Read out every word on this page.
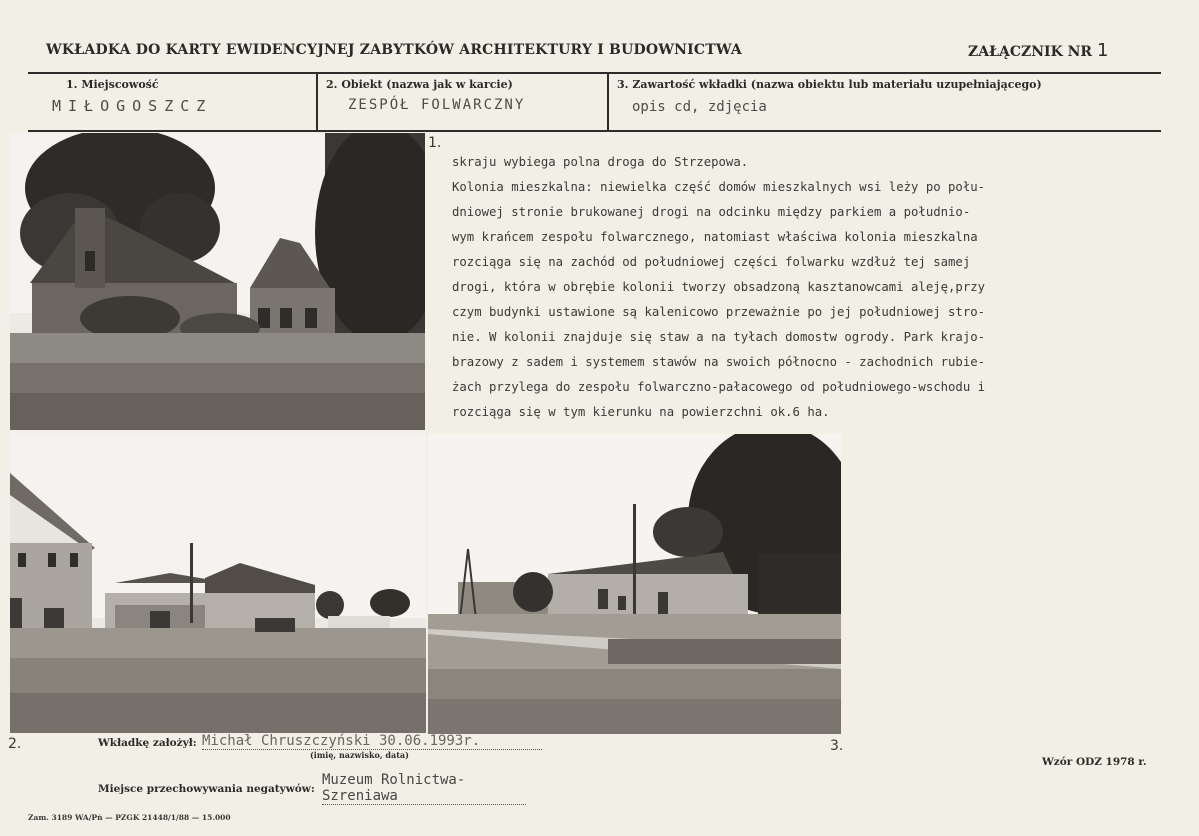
WKŁADKA DO KARTY EWIDENCYJNEJ ZABYTKÓW ARCHITEKTURY I BUDOWNICTWA	ZAŁĄCZNIK NR 1
1. Miejscowość	2. Obiekt (nazwa jak w karcie)	3. Zawartość wkładki (nazwa obiektu lub materiału uzupełniającego)
MIŁOGOSZCZ	ZESPÓŁ FOLWARCZNY	opis cd, zdjęcia
1.
2.	3.

skraju wybiega polna droga do Strzepowa.

Kolonia mieszkalna: niewielka część domów mieszkalnych wsi leży po połu-

dniowej stronie brukowanej drogi na odcinku między parkiem a południo-

wym krańcem zespołu folwarcznego, natomiast właściwa kolonia mieszkalna

rozciąga się na zachód od południowej części folwarku wzdłuż tej samej

drogi, która w obrębie kolonii tworzy obsadzoną kasztanowcami aleję,przy

czym budynki ustawione są kalenicowo przeważnie po jej południowej stro-

nie. W kolonii znajduje się staw a na tyłach domostw ogrody. Park krajo-

brazowy z sadem i systemem stawów na swoich północno - zachodnich rubie-

żach przylega do zespołu folwarczno-pałacowego od południowego-wschodu i

rozciąga się w tym kierunku na powierzchni ok.6 ha.

Wkładkę założył: Michał Chruszczyński 30.06.1993r.
(imię, nazwisko, data)
Wzór ODZ 1978 r.
Miejsce przechowywania negatywów:
Muzeum Rolnictwa-Szreniawa
Zam. 3189 WA/Pń — PZGK 21448/1/88 — 15.000
